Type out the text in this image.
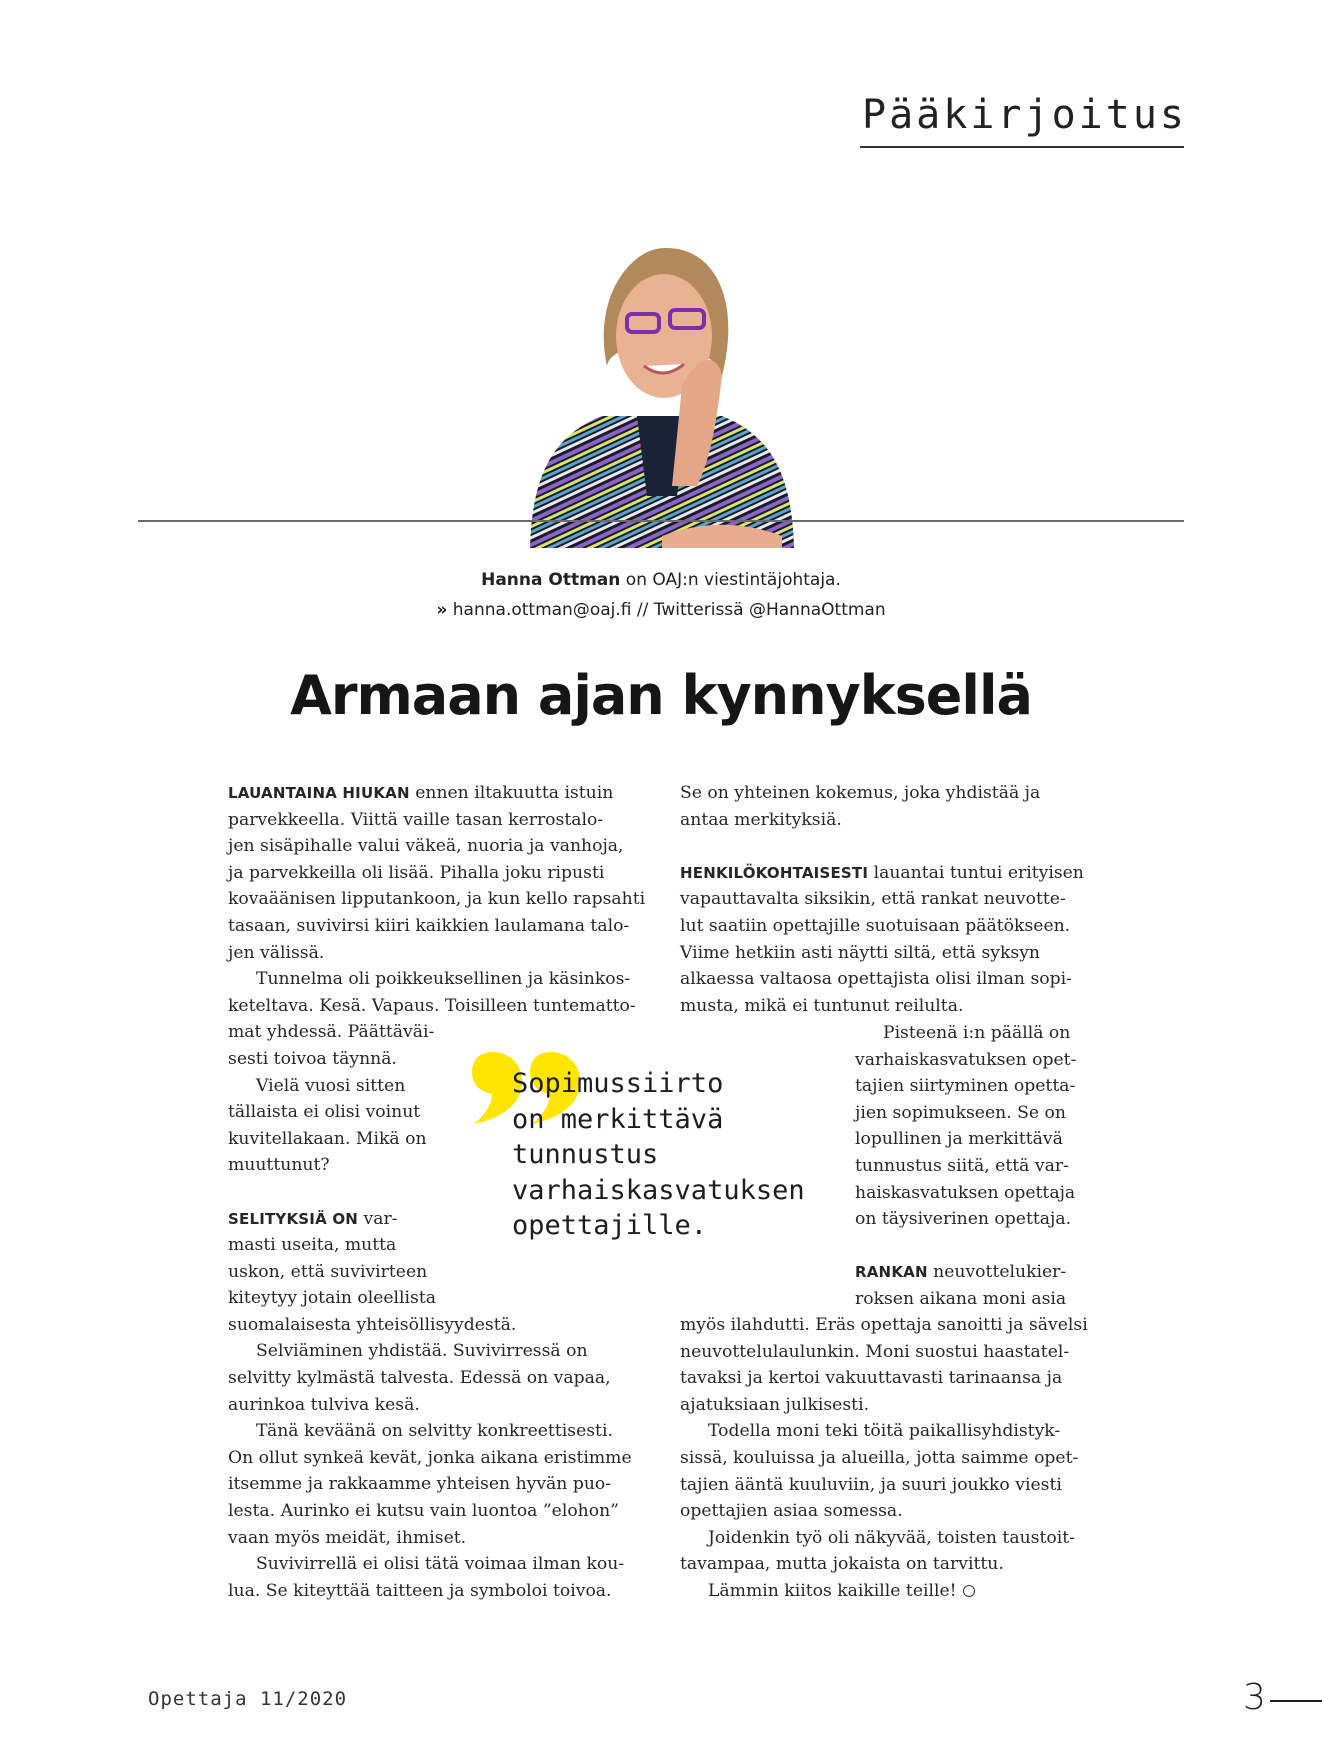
Pääkirjoitus
Hanna Ottman on OAJ:n viestintäjohtaja.
» hanna.ottman@oaj.fi // Twitterissä @HannaOttman
Armaan ajan kynnyksellä
LAUANTAINA HIUKAN ennen iltakuutta istuin
parvekkeella. Viittä vaille tasan kerrostalo-
jen sisäpihalle valui väkeä, nuoria ja vanhoja,
ja parvekkeilla oli lisää. Pihalla joku ripusti
kovaäänisen lipputankoon, ja kun kello rapsahti
tasaan, suvivirsi kiiri kaikkien laulamana talo-
jen välissä.
Tunnelma oli poikkeuksellinen ja käsinkos-
keteltava. Kesä. Vapaus. Toisilleen tuntematto-
mat yhdessä. Päättäväi-
sesti toivoa täynnä.
Vielä vuosi sitten
tällaista ei olisi voinut
kuvitellakaan. Mikä on
muuttunut?
SELITYKSIÄ ON var-
masti useita, mutta
uskon, että suvivirteen
kiteytyy jotain oleellista
suomalaisesta yhteisöllisyydestä.
Selviäminen yhdistää. Suvivirressä on
selvitty kylmästä talvesta. Edessä on vapaa,
aurinkoa tulviva kesä.
Tänä keväänä on selvitty konkreettisesti.
On ollut synkeä kevät, jonka aikana eristimme
itsemme ja rakkaamme yhteisen hyvän puo-
lesta. Aurinko ei kutsu vain luontoa ”elohon”
vaan myös meidät, ihmiset.
Suvivirrellä ei olisi tätä voimaa ilman kou-
lua. Se kiteyttää taitteen ja symboloi toivoa.
Se on yhteinen kokemus, joka yhdistää ja
antaa merkityksiä.
HENKILÖKOHTAISESTI lauantai tuntui erityisen
vapauttavalta siksikin, että rankat neuvotte-
lut saatiin opettajille suotuisaan päätökseen.
Viime hetkiin asti näytti siltä, että syksyn
alkaessa valtaosa opettajista olisi ilman sopi-
musta, mikä ei tuntunut reilulta.
Pisteenä i:n päällä on
varhaiskasvatuksen opet-
tajien siirtyminen opetta-
jien sopimukseen. Se on
lopullinen ja merkittävä
tunnustus siitä, että var-
haiskasvatuksen opettaja
on täysiverinen opettaja.
RANKAN neuvottelukier-
roksen aikana moni asia
myös ilahdutti. Eräs opettaja sanoitti ja sävelsi
neuvottelulaulunkin. Moni suostui haastatel-
tavaksi ja kertoi vakuuttavasti tarinaansa ja
ajatuksiaan julkisesti.
Todella moni teki töitä paikallisyhdistyk-
sissä, kouluissa ja alueilla, jotta saimme opet-
tajien ääntä kuuluviin, ja suuri joukko viesti
opettajien asiaa somessa.
Joidenkin työ oli näkyvää, toisten taustoit-
tavampaa, mutta jokaista on tarvittu.
Lämmin kiitos kaikille teille!
Sopimussiirto
on merkittävä
tunnustus
varhaiskasvatuksen
opettajille.
Opettaja 11/2020	3
